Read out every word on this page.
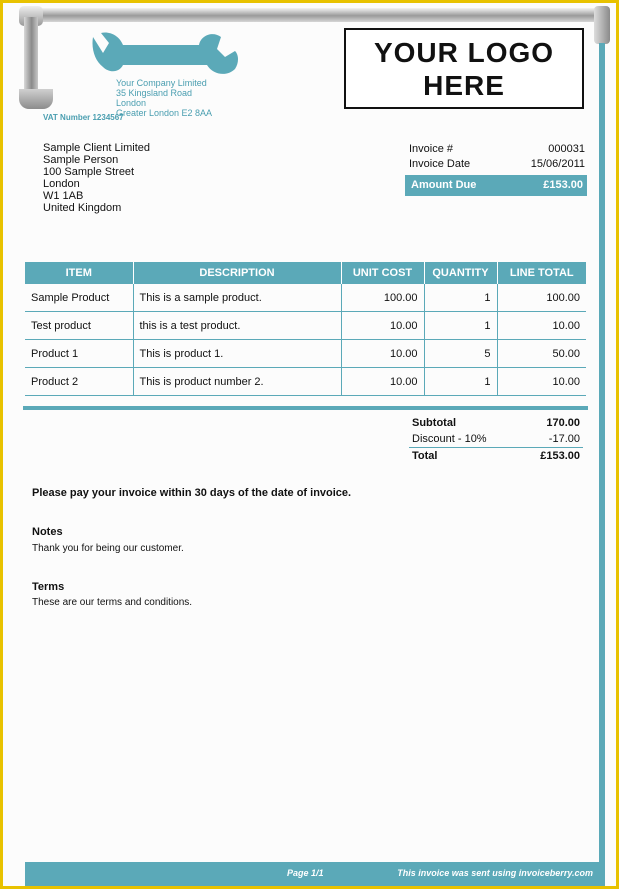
Your Company Limited
35 Kingsland Road
London
Greater London E2 8AA
VAT Number 1234567
YOUR LOGO HERE
Sample Client Limited
Sample Person
100 Sample Street
London
W1 1AB
United Kingdom
Invoice #	000031
Invoice Date	15/06/2011
Amount Due	£153.00
ITEM	DESCRIPTION	UNIT COST	QUANTITY	LINE TOTAL
Sample Product	This is a sample product.	100.00	1	100.00
Test product	this is a test product.	10.00	1	10.00
Product 1	This is product 1.	10.00	5	50.00
Product 2	This is product number 2.	10.00	1	10.00
Subtotal	170.00
Discount - 10%	-17.00
Total	£153.00
Please pay your invoice within 30 days of the date of invoice.
Notes
Thank you for being our customer.
Terms
These are our terms and conditions.
Page 1/1	This invoice was sent using invoiceberry.com
